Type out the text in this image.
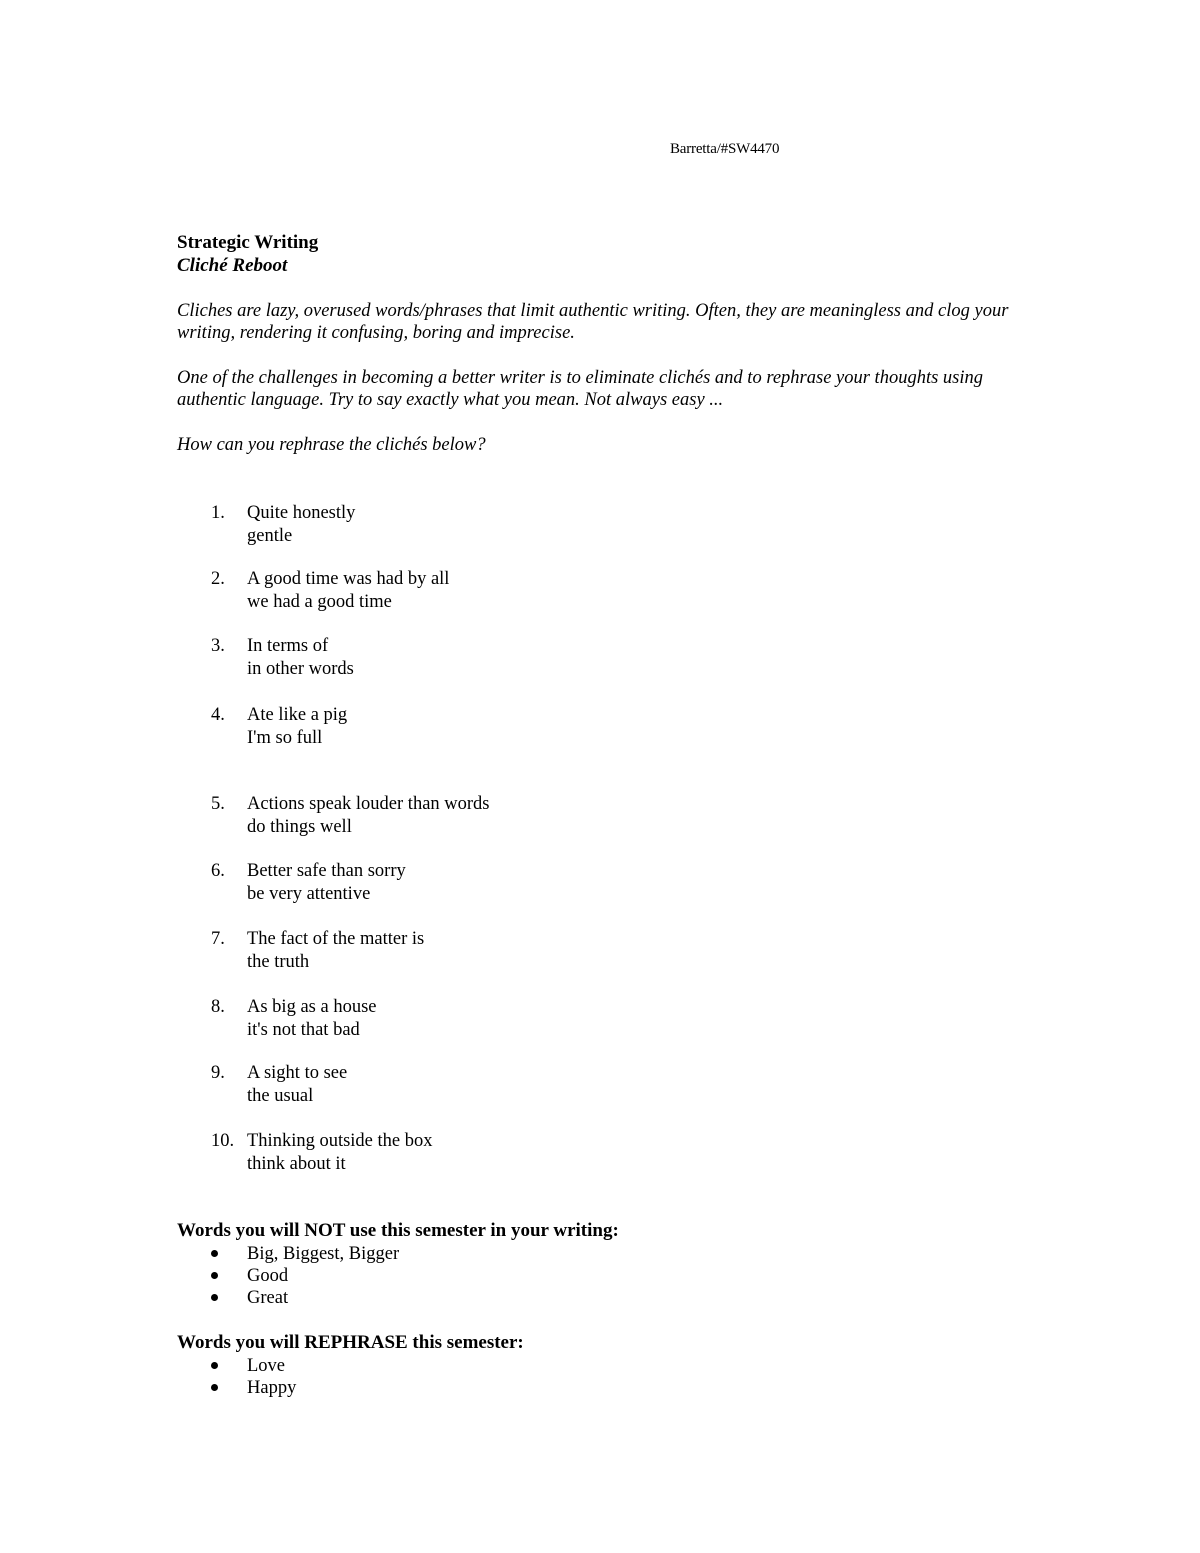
Barretta/#SW4470
Strategic Writing
Cliché Reboot
Cliches are lazy, overused words/phrases that limit authentic writing. Often, they are meaningless and clog your writing, rendering it confusing, boring and imprecise.
One of the challenges in becoming a better writer is to eliminate clichés and to rephrase your thoughts using authentic language. Try to say exactly what you mean. Not always easy ...
How can you rephrase the clichés below?
1.	Quite honestly
gentle
2.	A good time was had by all
we had a good time
3.	In terms of
in other words
4.	Ate like a pig
I'm so full
5.	Actions speak louder than words
do things well
6.	Better safe than sorry
be very attentive
7.	The fact of the matter is
the truth
8.	As big as a house
it's not that bad
9.	A sight to see
the usual
10. Thinking outside the box
think about it
Words you will NOT use this semester in your writing:
Big, Biggest, Bigger
Good
Great
Words you will REPHRASE this semester:
Love
Happy
